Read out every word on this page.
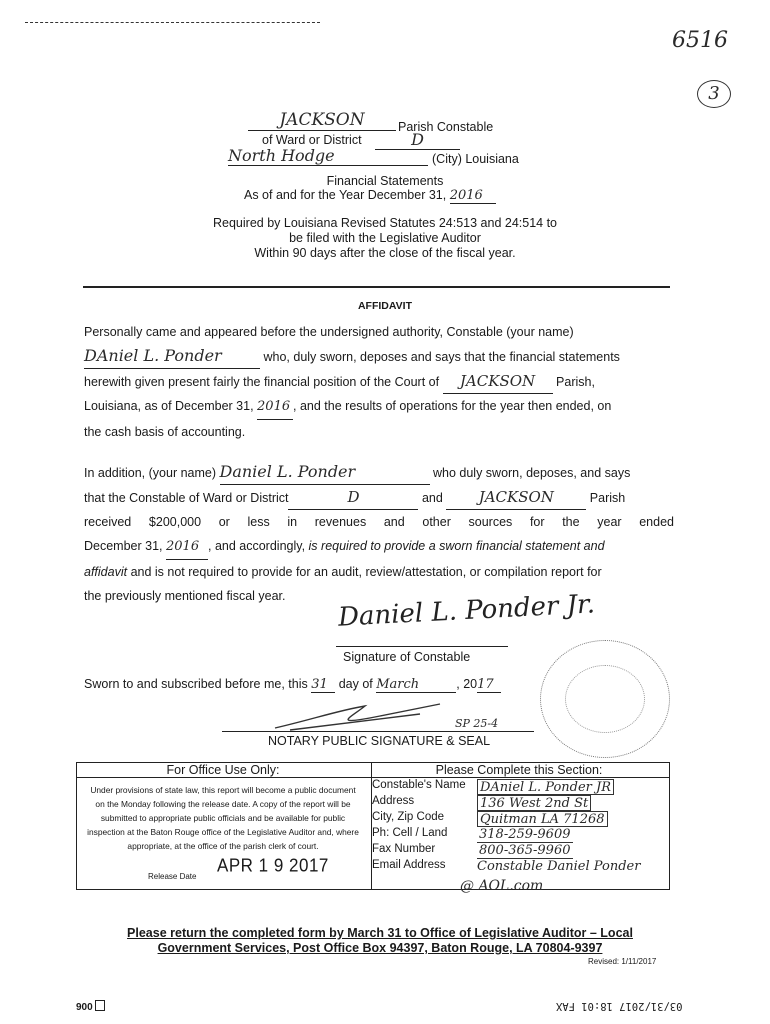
6516
3
JACKSON	Parish Constable
of Ward or District	D
North Hodge	(City) Louisiana
Financial Statements
As of and for the Year December 31, 2016
Required by Louisiana Revised Statutes 24:513 and 24:514 to
be filed with the Legislative Auditor
Within 90 days after the close of the fiscal year.
AFFIDAVIT
Personally came and appeared before the undersigned authority, Constable (your name)
DAniel L. Ponder	who, duly sworn, deposes and says that the financial statements
herewith given present fairly the financial position of the Court of JACKSON Parish,
Louisiana, as of December 31, 2016 , and the results of operations for the year then ended, on
the cash basis of accounting.
In addition, (your name) Daniel L. Ponder	who duly sworn, deposes, and says
that the Constable of Ward or District	D	and JACKSON	Parish
received $200,000 or less in revenues and other sources for the year ended
December 31, 2016 , and accordingly, is required to provide a sworn financial statement and
affidavit and is not required to provide for an audit, review/attestation, or compilation report for
the previously mentioned fiscal year.	Daniel L. Ponder Jr.
Signature of Constable
Sworn to and subscribed before me, this 31 day of March	, 2017
SP 25-4
NOTARY PUBLIC SIGNATURE & SEAL
For Office Use Only:
Under provisions of state law, this report will become a public document on the Monday following the release date. A copy of the report will be submitted to appropriate public officials and be available for public inspection at the Baton Rouge office of the Legislative Auditor and, where appropriate, at the office of the parish clerk of court.
Release Date
APR 1 9 2017
Please Complete this Section:
Constable's Name	DAniel L. Ponder JR
Address	136 West 2nd St
City, Zip Code	Quitman LA 71268
Ph: Cell / Land	318-259-9609
Fax Number	800-365-9960
Email Address	Constable Daniel Ponder
@ AOL.com
Please return the completed form by March 31 to Office of Legislative Auditor – Local
Government Services, Post Office Box 94397, Baton Rouge, LA 70804-9397
Revised: 1/11/2017
900	03/31/2017 18:01 FAX
